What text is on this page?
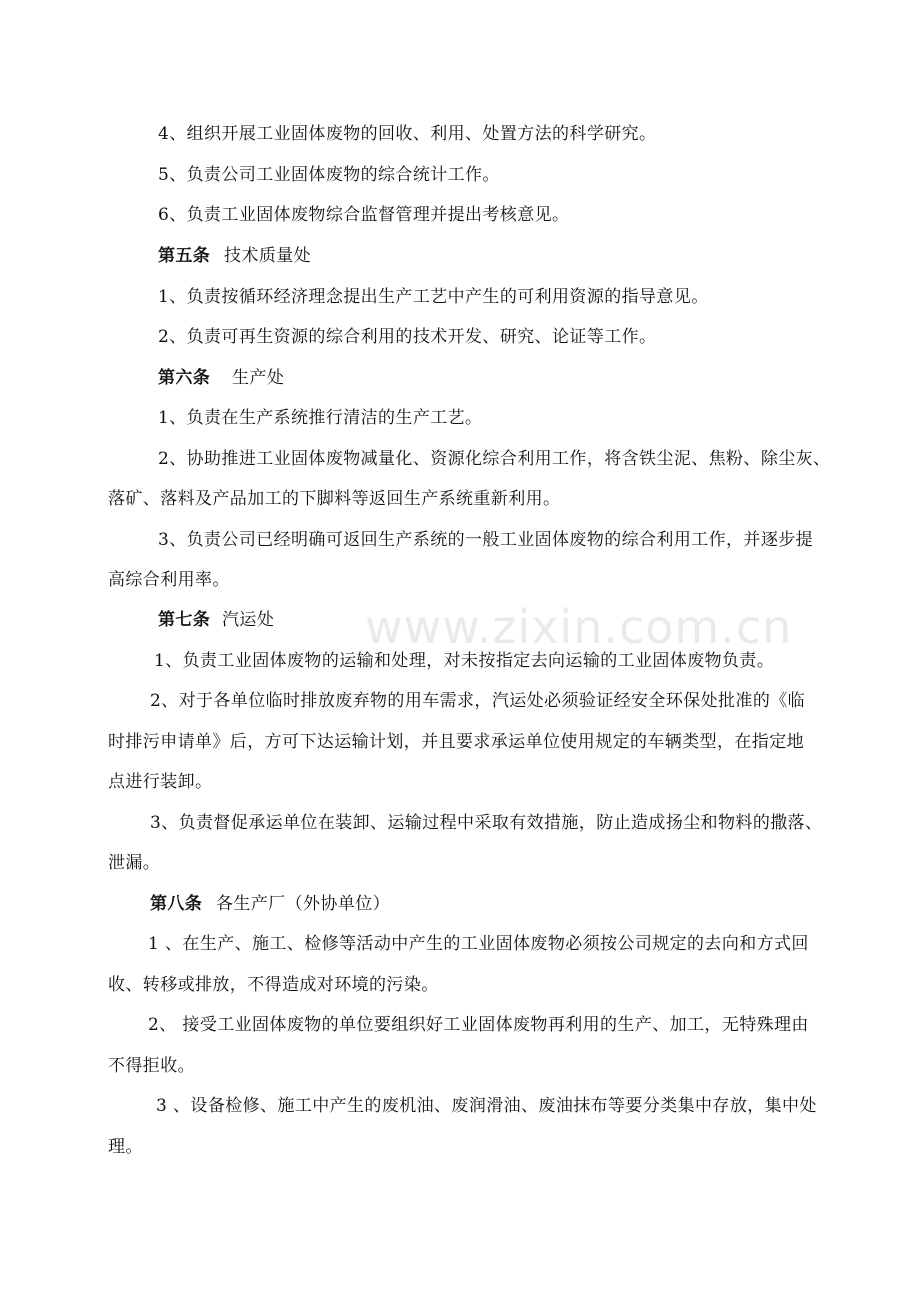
4、组织开展工业固体废物的回收、利用、处置方法的科学研究。
5、负责公司工业固体废物的综合统计工作。
6、负责工业固体废物综合监督管理并提出考核意见。
第五条 技术质量处
1、负责按循环经济理念提出生产工艺中产生的可利用资源的指导意见。
2、负责可再生资源的综合利用的技术开发、研究、论证等工作。
第六条 生产处
1、负责在生产系统推行清洁的生产工艺。
2、协助推进工业固体废物减量化、资源化综合利用工作，将含铁尘泥、焦粉、除尘灰、
落矿、落料及产品加工的下脚料等返回生产系统重新利用。
3、负责公司已经明确可返回生产系统的一般工业固体废物的综合利用工作，并逐步提
高综合利用率。
第七条 汽运处
1、负责工业固体废物的运输和处理，对未按指定去向运输的工业固体废物负责。
2、对于各单位临时排放废弃物的用车需求，汽运处必须验证经安全环保处批准的《临
时排污申请单》后，方可下达运输计划，并且要求承运单位使用规定的车辆类型，在指定地
点进行装卸。
3、负责督促承运单位在装卸、运输过程中采取有效措施，防止造成扬尘和物料的撒落、
泄漏。
第八条 各生产厂（外协单位）
1 、在生产、施工、检修等活动中产生的工业固体废物必须按公司规定的去向和方式回
收、转移或排放，不得造成对环境的污染。
2、 接受工业固体废物的单位要组织好工业固体废物再利用的生产、加工，无特殊理由
不得拒收。
3 、设备检修、施工中产生的废机油、废润滑油、废油抹布等要分类集中存放，集中处
理。
www.zixin.com.cn
